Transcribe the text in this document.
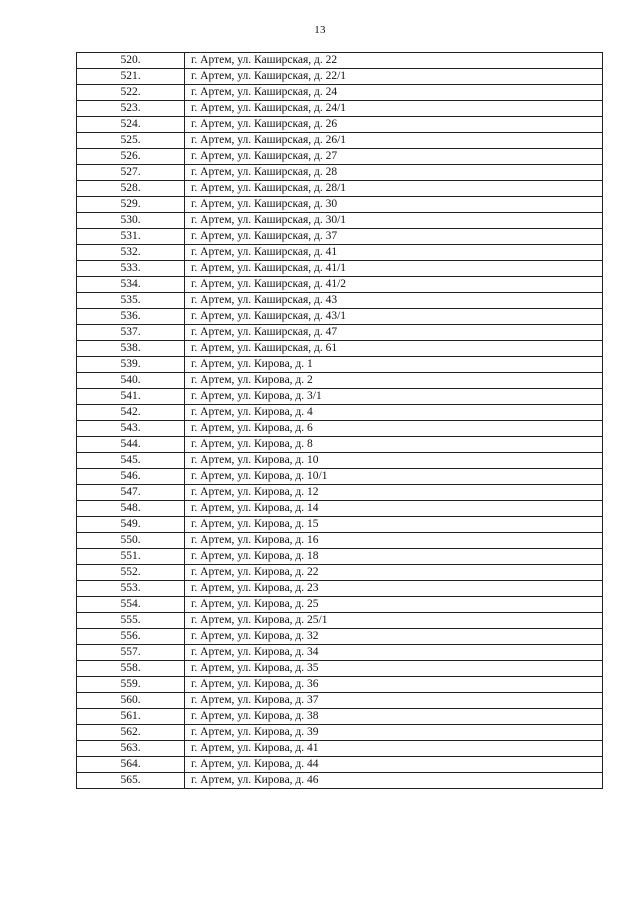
13
520.	г. Артем, ул. Каширская, д. 22
521.	г. Артем, ул. Каширская, д. 22/1
522.	г. Артем, ул. Каширская, д. 24
523.	г. Артем, ул. Каширская, д. 24/1
524.	г. Артем, ул. Каширская, д. 26
525.	г. Артем, ул. Каширская, д. 26/1
526.	г. Артем, ул. Каширская, д. 27
527.	г. Артем, ул. Каширская, д. 28
528.	г. Артем, ул. Каширская, д. 28/1
529.	г. Артем, ул. Каширская, д. 30
530.	г. Артем, ул. Каширская, д. 30/1
531.	г. Артем, ул. Каширская, д. 37
532.	г. Артем, ул. Каширская, д. 41
533.	г. Артем, ул. Каширская, д. 41/1
534.	г. Артем, ул. Каширская, д. 41/2
535.	г. Артем, ул. Каширская, д. 43
536.	г. Артем, ул. Каширская, д. 43/1
537.	г. Артем, ул. Каширская, д. 47
538.	г. Артем, ул. Каширская, д. 61
539.	г. Артем, ул. Кирова, д. 1
540.	г. Артем, ул. Кирова, д. 2
541.	г. Артем, ул. Кирова, д. 3/1
542.	г. Артем, ул. Кирова, д. 4
543.	г. Артем, ул. Кирова, д. 6
544.	г. Артем, ул. Кирова, д. 8
545.	г. Артем, ул. Кирова, д. 10
546.	г. Артем, ул. Кирова, д. 10/1
547.	г. Артем, ул. Кирова, д. 12
548.	г. Артем, ул. Кирова, д. 14
549.	г. Артем, ул. Кирова, д. 15
550.	г. Артем, ул. Кирова, д. 16
551.	г. Артем, ул. Кирова, д. 18
552.	г. Артем, ул. Кирова, д. 22
553.	г. Артем, ул. Кирова, д. 23
554.	г. Артем, ул. Кирова, д. 25
555.	г. Артем, ул. Кирова, д. 25/1
556.	г. Артем, ул. Кирова, д. 32
557.	г. Артем, ул. Кирова, д. 34
558.	г. Артем, ул. Кирова, д. 35
559.	г. Артем, ул. Кирова, д. 36
560.	г. Артем, ул. Кирова, д. 37
561.	г. Артем, ул. Кирова, д. 38
562.	г. Артем, ул. Кирова, д. 39
563.	г. Артем, ул. Кирова, д. 41
564.	г. Артем, ул. Кирова, д. 44
565.	г. Артем, ул. Кирова, д. 46
